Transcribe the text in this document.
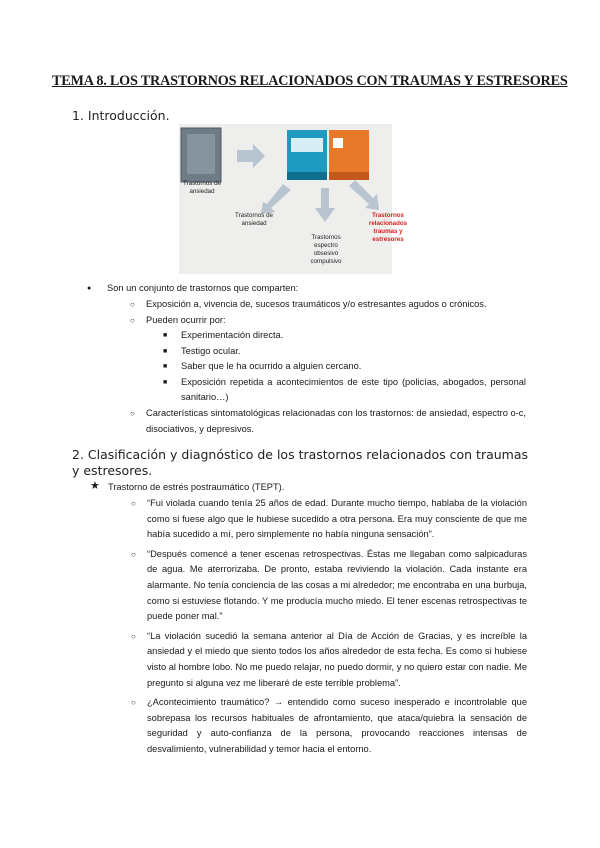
TEMA 8. LOS TRASTORNOS RELACIONADOS CON TRAUMAS Y ESTRESORES
1. Introducción.
Trastornos de ansiedad
Trastornos de ansiedad
Trastornos espectro obsesivo compulsivo
Trastornos relacionados traumas y estresores
● Son un conjunto de trastornos que comparten:
○ Exposición a, vivencia de, sucesos traumáticos y/o estresantes agudos o crónicos.
○ Pueden ocurrir por:
■ Experimentación directa.
■ Testigo ocular.
■ Saber que le ha ocurrido a alguien cercano.
■ Exposición repetida a acontecimientos de este tipo (policías, abogados, personal sanitario…)
○ Características sintomatológicas relacionadas con los trastornos: de ansiedad, espectro o-c, disociativos, y depresivos.
2. Clasificación y diagnóstico de los trastornos relacionados con traumas y estresores.
★ Trastorno de estrés postraumático (TEPT).
○ “Fui violada cuando tenía 25 años de edad. Durante mucho tiempo, hablaba de la violación como si fuese algo que le hubiese sucedido a otra persona. Era muy consciente de que me había sucedido a mí, pero simplemente no había ninguna sensación”.
○ “Después comencé a tener escenas retrospectivas. Éstas me llegaban como salpicaduras de agua. Me aterrorizaba. De pronto, estaba reviviendo la violación. Cada instante era alarmante. No tenía conciencia de las cosas a mi alrededor; me encontraba en una burbuja, como si estuviese flotando. Y me producía mucho miedo. El tener escenas retrospectivas te puede poner mal.”
○ “La violación sucedió la semana anterior al Día de Acción de Gracias, y es increíble la ansiedad y el miedo que siento todos los años alrededor de esta fecha. Es como si hubiese visto al hombre lobo. No me puedo relajar, no puedo dormir, y no quiero estar con nadie. Me pregunto si alguna vez me liberaré de este terrible problema”.
○ ¿Acontecimiento traumático? → entendido como suceso inesperado e incontrolable que sobrepasa los recursos habituales de afrontamiento, que ataca/quiebra la sensación de seguridad y auto-confianza de la persona, provocando reacciones intensas de desvalimiento, vulnerabilidad y temor hacia el entorno.
